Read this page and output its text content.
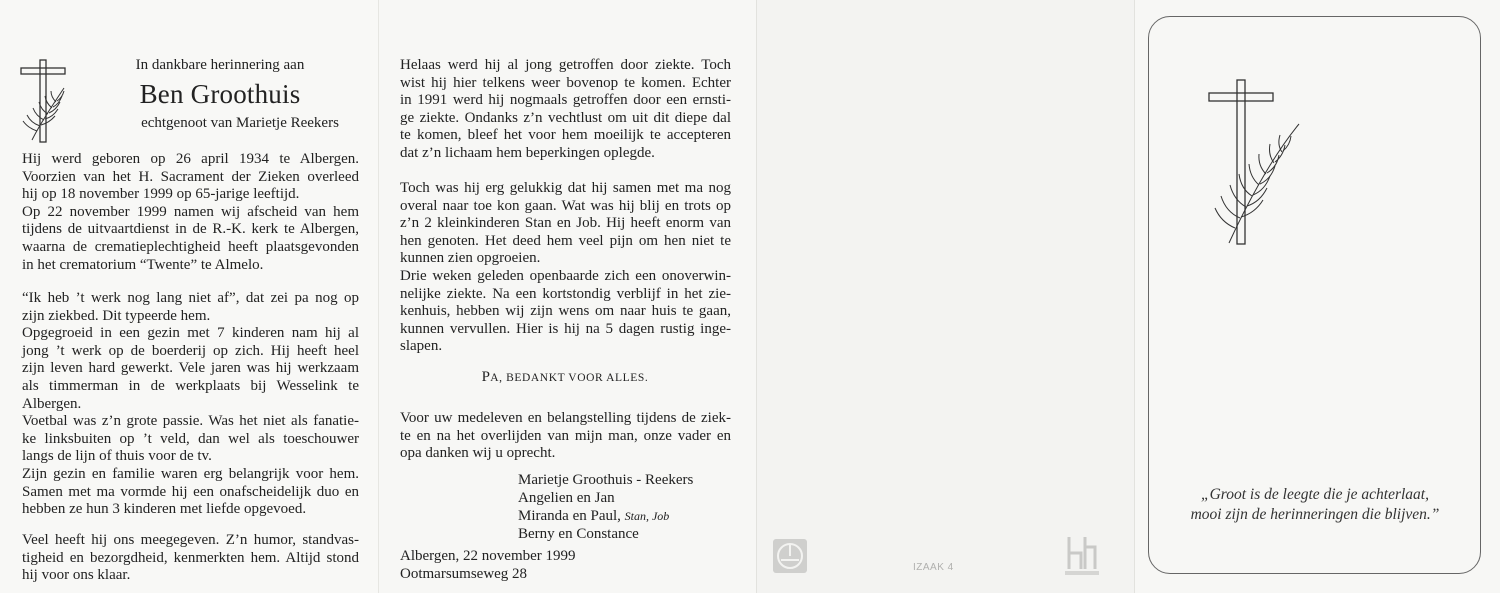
In dankbare herinnering aan
Ben Groothuis
echtgenoot van Marietje Reekers
Hij werd geboren op 26 april 1934 te Albergen.
Voorzien van het H. Sacrament der Zieken overleed
hij op 18 november 1999 op 65-jarige leeftijd.
Op 22 november 1999 namen wij afscheid van hem
tijdens de uitvaartdienst in de R.-K. kerk te Albergen,
waarna de crematieplechtigheid heeft plaatsgevonden
in het crematorium “Twente” te Almelo.
“Ik heb ’t werk nog lang niet af”, dat zei pa nog op
zijn ziekbed. Dit typeerde hem.
Opgegroeid in een gezin met 7 kinderen nam hij al
jong ’t werk op de boerderij op zich. Hij heeft heel
zijn leven hard gewerkt. Vele jaren was hij werkzaam
als timmerman in de werkplaats bij Wesselink te
Albergen.
Voetbal was z’n grote passie. Was het niet als fanatie-
ke linksbuiten op ’t veld, dan wel als toeschouwer
langs de lijn of thuis voor de tv.
Zijn gezin en familie waren erg belangrijk voor hem.
Samen met ma vormde hij een onafscheidelijk duo en
hebben ze hun 3 kinderen met liefde opgevoed.
Veel heeft hij ons meegegeven. Z’n humor, standvas-
tigheid en bezorgdheid, kenmerkten hem. Altijd stond
hij voor ons klaar.
Helaas werd hij al jong getroffen door ziekte. Toch
wist hij hier telkens weer bovenop te komen. Echter
in 1991 werd hij nogmaals getroffen door een ernsti-
ge ziekte. Ondanks z’n vechtlust om uit dit diepe dal
te komen, bleef het voor hem moeilijk te accepteren
dat z’n lichaam hem beperkingen oplegde.
Toch was hij erg gelukkig dat hij samen met ma nog
overal naar toe kon gaan. Wat was hij blij en trots op
z’n 2 kleinkinderen Stan en Job. Hij heeft enorm van
hen genoten. Het deed hem veel pijn om hen niet te
kunnen zien opgroeien.
Drie weken geleden openbaarde zich een onoverwin-
nelijke ziekte. Na een kortstondig verblijf in het zie-
kenhuis, hebben wij zijn wens om naar huis te gaan,
kunnen vervullen. Hier is hij na 5 dagen rustig inge-
slapen.
PA, BEDANKT VOOR ALLES.
Voor uw medeleven en belangstelling tijdens de ziek-
te en na het overlijden van mijn man, onze vader en
opa danken wij u oprecht.
Marietje Groothuis - Reekers
Angelien en Jan
Miranda en Paul, Stan, Job
Berny en Constance
Albergen, 22 november 1999
Ootmarsumseweg 28	IZAAK 4
„Groot is de leegte die je achterlaat,
mooi zijn de herinneringen die blijven.”
